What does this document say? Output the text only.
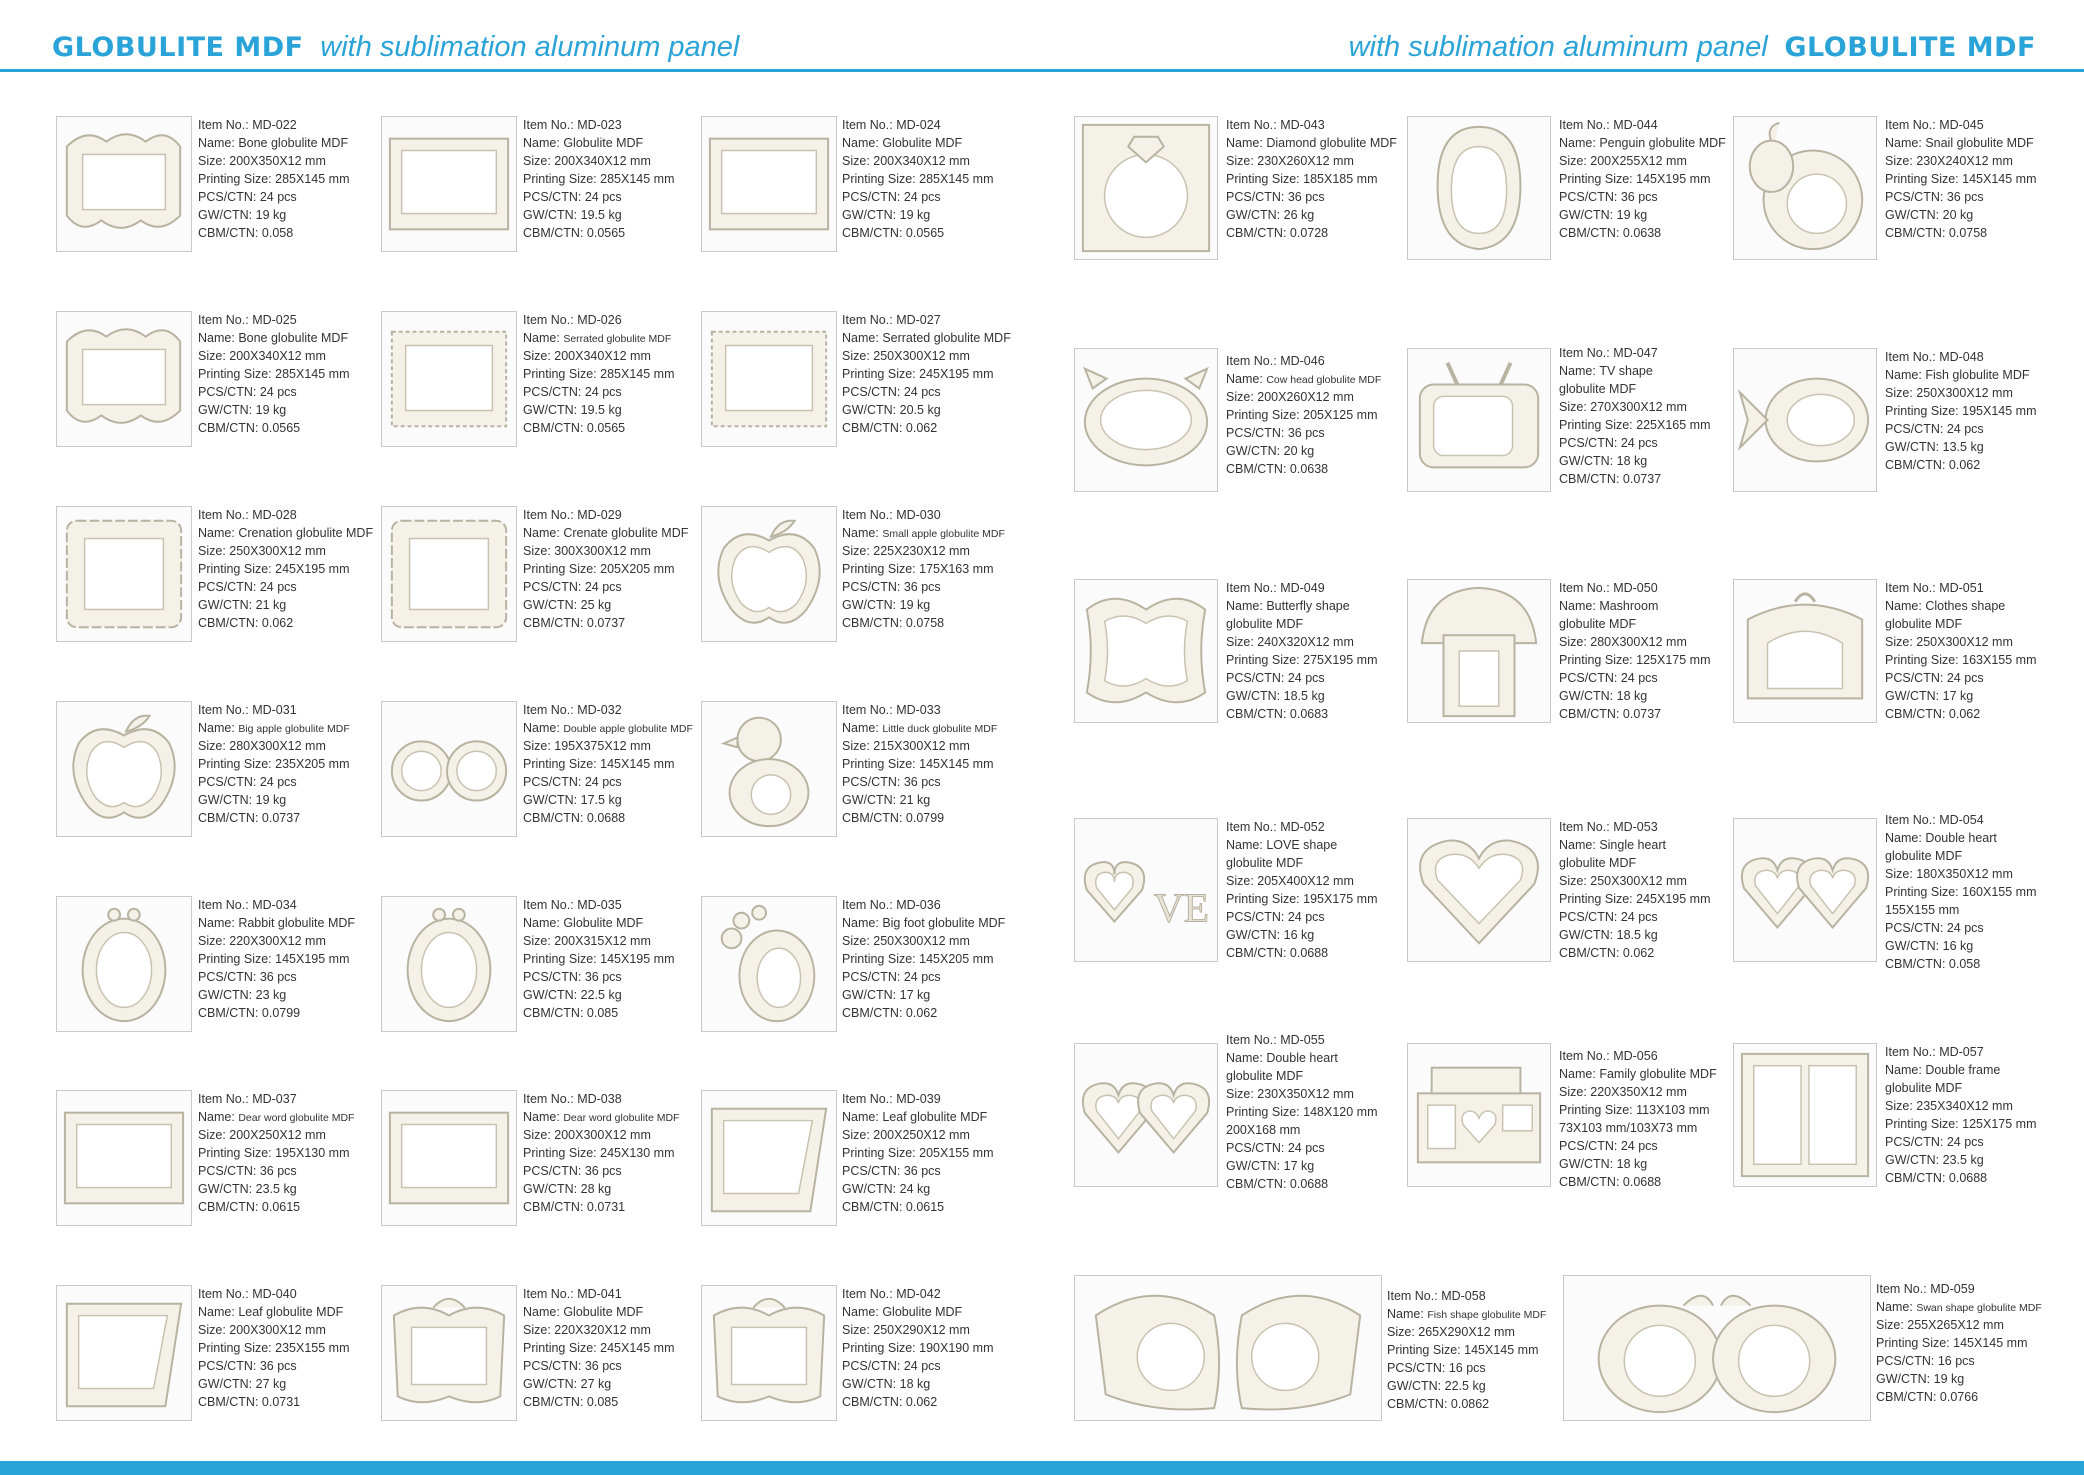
GLOBULITE MDF with sublimation aluminum panel	with sublimation aluminum panel GLOBULITE MDF
Item No.: MD-022
Name: Bone globulite MDF
Size: 200X350X12 mm
Printing Size: 285X145 mm
PCS/CTN: 24 pcs
GW/CTN: 19 kg
CBM/CTN: 0.058
Item No.: MD-023
Name: Globulite MDF
Size: 200X340X12 mm
Printing Size: 285X145 mm
PCS/CTN: 24 pcs
GW/CTN: 19.5 kg
CBM/CTN: 0.0565
Item No.: MD-024
Name: Globulite MDF
Size: 200X340X12 mm
Printing Size: 285X145 mm
PCS/CTN: 24 pcs
GW/CTN: 19 kg
CBM/CTN: 0.0565
Item No.: MD-025
Name: Bone globulite MDF
Size: 200X340X12 mm
Printing Size: 285X145 mm
PCS/CTN: 24 pcs
GW/CTN: 19 kg
CBM/CTN: 0.0565
Item No.: MD-026
Name: Serrated globulite MDF
Size: 200X340X12 mm
Printing Size: 285X145 mm
PCS/CTN: 24 pcs
GW/CTN: 19.5 kg
CBM/CTN: 0.0565
Item No.: MD-027
Name: Serrated globulite MDF
Size: 250X300X12 mm
Printing Size: 245X195 mm
PCS/CTN: 24 pcs
GW/CTN: 20.5 kg
CBM/CTN: 0.062
Item No.: MD-028
Name: Crenation globulite MDF
Size: 250X300X12 mm
Printing Size: 245X195 mm
PCS/CTN: 24 pcs
GW/CTN: 21 kg
CBM/CTN: 0.062
Item No.: MD-029
Name: Crenate globulite MDF
Size: 300X300X12 mm
Printing Size: 205X205 mm
PCS/CTN: 24 pcs
GW/CTN: 25 kg
CBM/CTN: 0.0737
Item No.: MD-030
Name: Small apple globulite MDF
Size: 225X230X12 mm
Printing Size: 175X163 mm
PCS/CTN: 36 pcs
GW/CTN: 19 kg
CBM/CTN: 0.0758
Item No.: MD-031
Name: Big apple globulite MDF
Size: 280X300X12 mm
Printing Size: 235X205 mm
PCS/CTN: 24 pcs
GW/CTN: 19 kg
CBM/CTN: 0.0737
Item No.: MD-032
Name: Double apple globulite MDF
Size: 195X375X12 mm
Printing Size: 145X145 mm
PCS/CTN: 24 pcs
GW/CTN: 17.5 kg
CBM/CTN: 0.0688
Item No.: MD-033
Name: Little duck globulite MDF
Size: 215X300X12 mm
Printing Size: 145X145 mm
PCS/CTN: 36 pcs
GW/CTN: 21 kg
CBM/CTN: 0.0799
Item No.: MD-034
Name: Rabbit globulite MDF
Size: 220X300X12 mm
Printing Size: 145X195 mm
PCS/CTN: 36 pcs
GW/CTN: 23 kg
CBM/CTN: 0.0799
Item No.: MD-035
Name: Globulite MDF
Size: 200X315X12 mm
Printing Size: 145X195 mm
PCS/CTN: 36 pcs
GW/CTN: 22.5 kg
CBM/CTN: 0.085
Item No.: MD-036
Name: Big foot globulite MDF
Size: 250X300X12 mm
Printing Size: 145X205 mm
PCS/CTN: 24 pcs
GW/CTN: 17 kg
CBM/CTN: 0.062
Item No.: MD-037
Name: Dear word globulite MDF
Size: 200X250X12 mm
Printing Size: 195X130 mm
PCS/CTN: 36 pcs
GW/CTN: 23.5 kg
CBM/CTN: 0.0615
Item No.: MD-038
Name: Dear word globulite MDF
Size: 200X300X12 mm
Printing Size: 245X130 mm
PCS/CTN: 36 pcs
GW/CTN: 28 kg
CBM/CTN: 0.0731
Item No.: MD-039
Name: Leaf globulite MDF
Size: 200X250X12 mm
Printing Size: 205X155 mm
PCS/CTN: 36 pcs
GW/CTN: 24 kg
CBM/CTN: 0.0615
Item No.: MD-040
Name: Leaf globulite MDF
Size: 200X300X12 mm
Printing Size: 235X155 mm
PCS/CTN: 36 pcs
GW/CTN: 27 kg
CBM/CTN: 0.0731
Item No.: MD-041
Name: Globulite MDF
Size: 220X320X12 mm
Printing Size: 245X145 mm
PCS/CTN: 36 pcs
GW/CTN: 27 kg
CBM/CTN: 0.085
Item No.: MD-042
Name: Globulite MDF
Size: 250X290X12 mm
Printing Size: 190X190 mm
PCS/CTN: 24 pcs
GW/CTN: 18 kg
CBM/CTN: 0.062
Item No.: MD-043
Name: Diamond globulite MDF
Size: 230X260X12 mm
Printing Size: 185X185 mm
PCS/CTN: 36 pcs
GW/CTN: 26 kg
CBM/CTN: 0.0728
Item No.: MD-044
Name: Penguin globulite MDF
Size: 200X255X12 mm
Printing Size: 145X195 mm
PCS/CTN: 36 pcs
GW/CTN: 19 kg
CBM/CTN: 0.0638
Item No.: MD-045
Name: Snail globulite MDF
Size: 230X240X12 mm
Printing Size: 145X145 mm
PCS/CTN: 36 pcs
GW/CTN: 20 kg
CBM/CTN: 0.0758
Item No.: MD-046
Name: Cow head globulite MDF
Size: 200X260X12 mm
Printing Size: 205X125 mm
PCS/CTN: 36 pcs
GW/CTN: 20 kg
CBM/CTN: 0.0638
Item No.: MD-047
Name: TV shape
globulite MDF
Size: 270X300X12 mm
Printing Size: 225X165 mm
PCS/CTN: 24 pcs
GW/CTN: 18 kg
CBM/CTN: 0.0737
Item No.: MD-048
Name: Fish globulite MDF
Size: 250X300X12 mm
Printing Size: 195X145 mm
PCS/CTN: 24 pcs
GW/CTN: 13.5 kg
CBM/CTN: 0.062
Item No.: MD-049
Name: Butterfly shape
globulite MDF
Size: 240X320X12 mm
Printing Size: 275X195 mm
PCS/CTN: 24 pcs
GW/CTN: 18.5 kg
CBM/CTN: 0.0683
Item No.: MD-050
Name: Mashroom
globulite MDF
Size: 280X300X12 mm
Printing Size: 125X175 mm
PCS/CTN: 24 pcs
GW/CTN: 18 kg
CBM/CTN: 0.0737
Item No.: MD-051
Name: Clothes shape
globulite MDF
Size: 250X300X12 mm
Printing Size: 163X155 mm
PCS/CTN: 24 pcs
GW/CTN: 17 kg
CBM/CTN: 0.062
VE
Item No.: MD-052
Name: LOVE shape
globulite MDF
Size: 205X400X12 mm
Printing Size: 195X175 mm
PCS/CTN: 24 pcs
GW/CTN: 16 kg
CBM/CTN: 0.0688
Item No.: MD-053
Name: Single heart
globulite MDF
Size: 250X300X12 mm
Printing Size: 245X195 mm
PCS/CTN: 24 pcs
GW/CTN: 18.5 kg
CBM/CTN: 0.062
Item No.: MD-054
Name: Double heart
globulite MDF
Size: 180X350X12 mm
Printing Size: 160X155 mm
155X155 mm
PCS/CTN: 24 pcs
GW/CTN: 16 kg
CBM/CTN: 0.058
Item No.: MD-055
Name: Double heart
globulite MDF
Size: 230X350X12 mm
Printing Size: 148X120 mm
200X168 mm
PCS/CTN: 24 pcs
GW/CTN: 17 kg
CBM/CTN: 0.0688
Item No.: MD-056
Name: Family globulite MDF
Size: 220X350X12 mm
Printing Size: 113X103 mm
73X103 mm/103X73 mm
PCS/CTN: 24 pcs
GW/CTN: 18 kg
CBM/CTN: 0.0688
Item No.: MD-057
Name: Double frame
globulite MDF
Size: 235X340X12 mm
Printing Size: 125X175 mm
PCS/CTN: 24 pcs
GW/CTN: 23.5 kg
CBM/CTN: 0.0688
Item No.: MD-058
Name: Fish shape globulite MDF
Size: 265X290X12 mm
Printing Size: 145X145 mm
PCS/CTN: 16 pcs
GW/CTN: 22.5 kg
CBM/CTN: 0.0862
Item No.: MD-059
Name: Swan shape globulite MDF
Size: 255X265X12 mm
Printing Size: 145X145 mm
PCS/CTN: 16 pcs
GW/CTN: 19 kg
CBM/CTN: 0.0766
